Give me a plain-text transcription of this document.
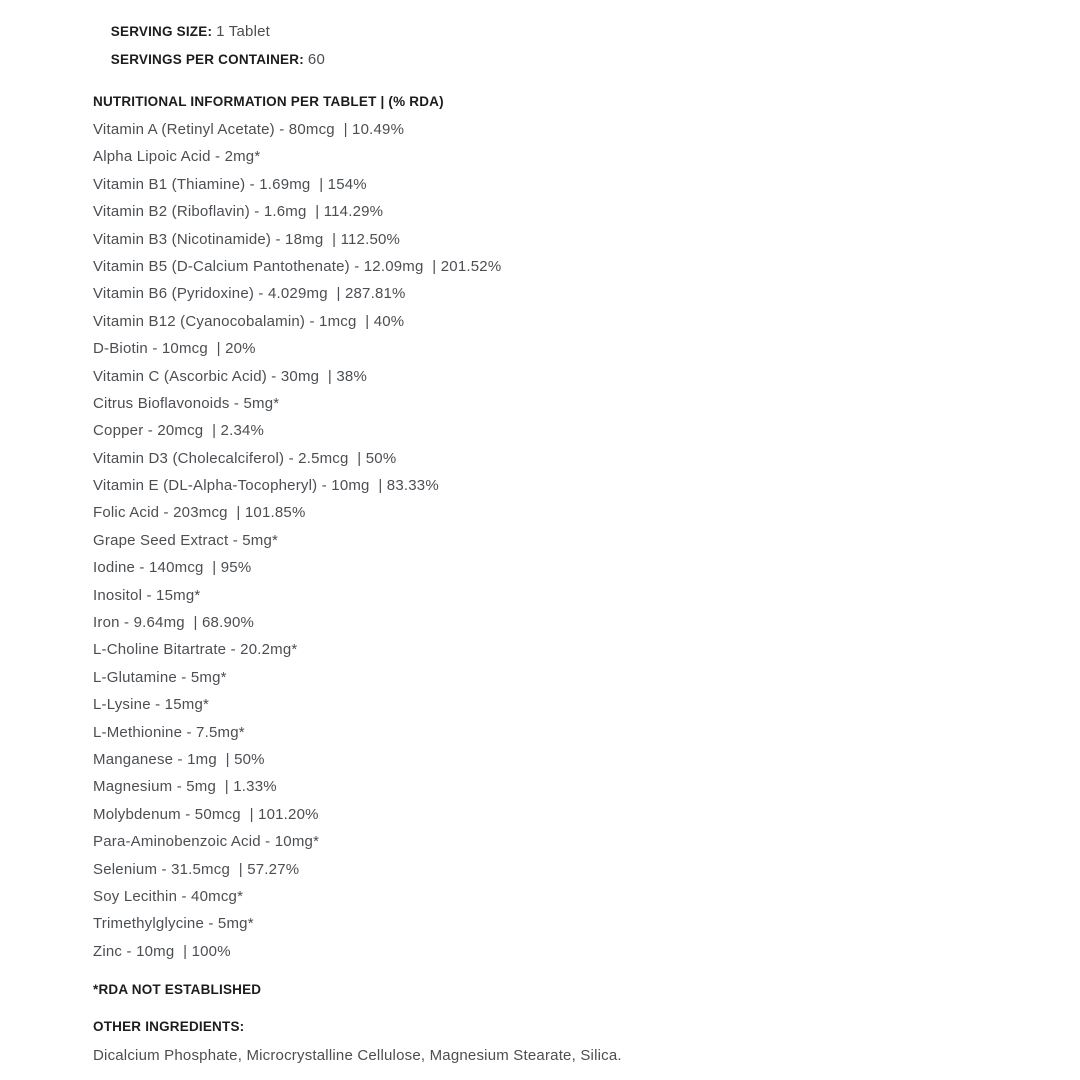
SERVING SIZE: 1 Tablet

SERVINGS PER CONTAINER: 60

NUTRITIONAL INFORMATION PER TABLET | (% RDA)
Vitamin A (Retinyl Acetate) - 80mcg  | 10.49%
Alpha Lipoic Acid - 2mg*
Vitamin B1 (Thiamine) - 1.69mg  | 154%
Vitamin B2 (Riboflavin) - 1.6mg  | 114.29%
Vitamin B3 (Nicotinamide) - 18mg  | 112.50%
Vitamin B5 (D-Calcium Pantothenate) - 12.09mg  | 201.52%
Vitamin B6 (Pyridoxine) - 4.029mg  | 287.81%
Vitamin B12 (Cyanocobalamin) - 1mcg  | 40%
D-Biotin - 10mcg  | 20%
Vitamin C (Ascorbic Acid) - 30mg  | 38%
Citrus Bioflavonoids - 5mg*
Copper - 20mcg  | 2.34%
Vitamin D3 (Cholecalciferol) - 2.5mcg  | 50%
Vitamin E (DL-Alpha-Tocopheryl) - 10mg  | 83.33%
Folic Acid - 203mcg  | 101.85%
Grape Seed Extract - 5mg*
Iodine - 140mcg  | 95%
Inositol - 15mg*
Iron - 9.64mg  | 68.90%
L-Choline Bitartrate - 20.2mg*
L-Glutamine - 5mg*
L-Lysine - 15mg*
L-Methionine - 7.5mg*
Manganese - 1mg  | 50%
Magnesium - 5mg  | 1.33%
Molybdenum - 50mcg  | 101.20%
Para-Aminobenzoic Acid - 10mg*
Selenium - 31.5mcg  | 57.27%
Soy Lecithin - 40mcg*
Trimethylglycine - 5mg*
Zinc - 10mg  | 100%
*RDA NOT ESTABLISHED
OTHER INGREDIENTS:
Dicalcium Phosphate, Microcrystalline Cellulose, Magnesium Stearate, Silica.
